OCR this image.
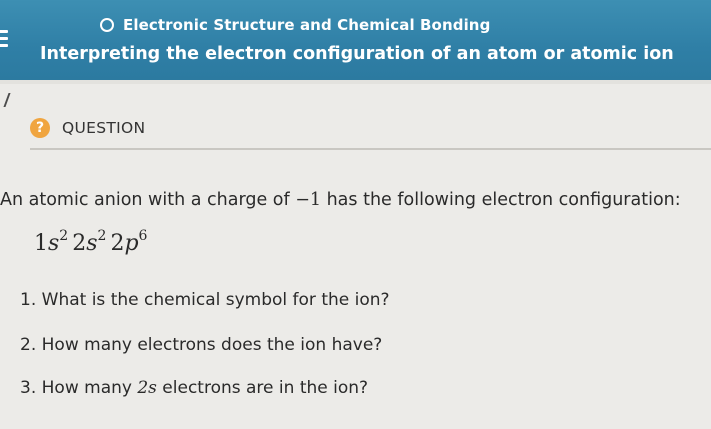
Electronic Structure and Chemical Bonding
Interpreting the electron configuration of an atom or atomic ion
?	QUESTION
An atomic anion with a charge of −1 has the following electron configuration:
$1s^2$ $2s^2$ $2p^6$
1. What is the chemical symbol for the ion?
2. How many electrons does the ion have?
3. How many 2s electrons are in the ion?
